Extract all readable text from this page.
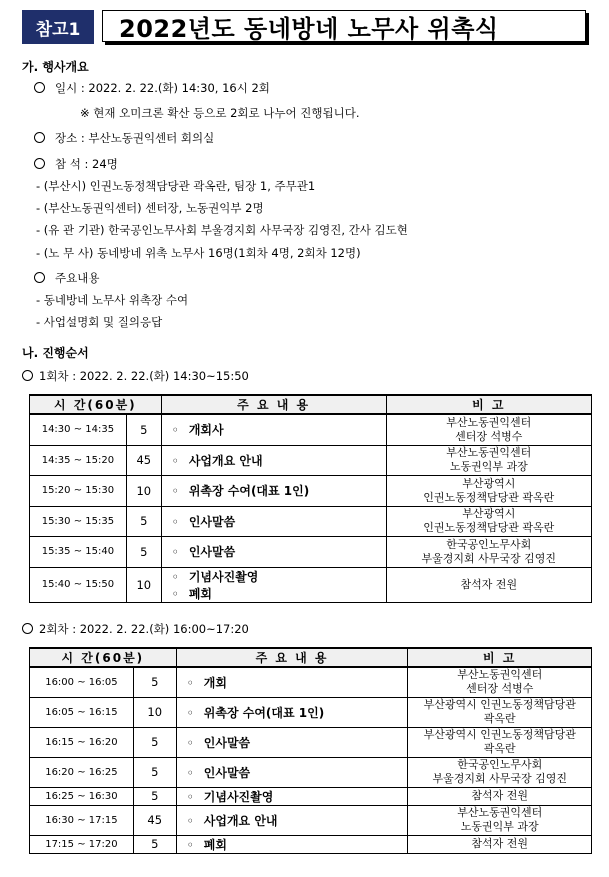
참고1	2022년도 동네방네 노무사 위촉식
가. 행사개요
일시 : 2022. 2. 22.(화) 14:30, 16시 2회
※ 현재 오미크론 확산 등으로 2회로 나누어 진행됩니다.
장소 : 부산노동권익센터 회의실
참 석 : 24명
- (부산시) 인권노동정책담당관 곽옥란, 팀장 1, 주무관1
- (부산노동권익센터) 센터장, 노동권익부 2명
- (유 관 기관) 한국공인노무사회 부울경지회 사무국장 김영진, 간사 김도현
- (노 무 사) 동네방네 위촉 노무사 16명(1회차 4명, 2회차 12명)
주요내용
- 동네방네 노무사 위촉장 수여
- 사업설명회 및 질의응답
나. 진행순서
1회차 : 2022. 2. 22.(화) 14:30~15:50
시 간(60분)		주 요 내 용	비 고
14:30 ~ 14:35	5	◦ 개회사	부산노동권익센터
센터장 석병수

14:35 ~ 15:20	45	◦ 사업개요 안내	부산노동권익센터
노동권익부 과장

15:20 ~ 15:30	10	◦ 위촉장 수여(대표 1인)	부산광역시
인권노동정책담당관 곽옥란

15:30 ~ 15:35	5	◦ 인사말씀	부산광역시
인권노동정책담당관 곽옥란

15:35 ~ 15:40	5	◦ 인사말씀	한국공인노무사회
부울경지회 사무국장 김영진

15:40 ~ 15:50	10	◦ 기념사진촬영
◦ 폐회	참석자 전원
2회차 : 2022. 2. 22.(화) 16:00~17:20
시 간(60분)		주 요 내 용	비 고
16:00 ~ 16:05	5	◦ 개회	부산노동권익센터
센터장 석병수

16:05 ~ 16:15	10	◦ 위촉장 수여(대표 1인)	부산광역시 인권노동정책담당관
곽옥란

16:15 ~ 16:20	5	◦ 인사말씀	부산광역시 인권노동정책담당관
곽옥란

16:20 ~ 16:25	5	◦ 인사말씀	한국공인노무사회
부울경지회 사무국장 김영진

16:25 ~ 16:30	5	◦ 기념사진촬영	참석자 전원

16:30 ~ 17:15	45	◦ 사업개요 안내	부산노동권익센터
노동권익부 과장

17:15 ~ 17:20	5	◦ 폐회	참석자 전원
